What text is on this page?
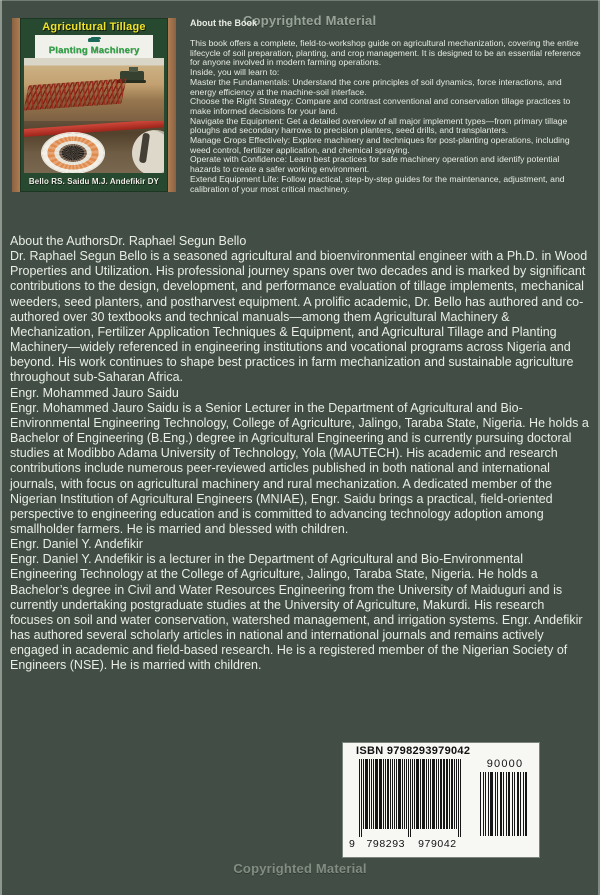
Copyrighted Material
Agricultural Tillage
Planting Machinery
Bello RS. Saidu M.J. Andefikir DY
About the Book

This book offers a complete, field-to-workshop guide on agricultural mechanization, covering the entire lifecycle of soil preparation, planting, and crop management. It is designed to be an essential reference for anyone involved in modern farming operations.

Inside, you will learn to:

Master the Fundamentals: Understand the core principles of soil dynamics, force interactions, and energy efficiency at the machine-soil interface.

Choose the Right Strategy: Compare and contrast conventional and conservation tillage practices to make informed decisions for your land.

Navigate the Equipment: Get a detailed overview of all major implement types—from primary tillage ploughs and secondary harrows to precision planters, seed drills, and transplanters.

Manage Crops Effectively: Explore machinery and techniques for post-planting operations, including weed control, fertilizer application, and chemical spraying.

Operate with Confidence: Learn best practices for safe machinery operation and identify potential hazards to create a safer working environment.

Extend Equipment Life: Follow practical, step-by-step guides for the maintenance, adjustment, and calibration of your most critical machinery.

About the AuthorsDr. Raphael Segun Bello

Dr. Raphael Segun Bello is a seasoned agricultural and bioenvironmental engineer with a Ph.D. in Wood Properties and Utilization. His professional journey spans over two decades and is marked by significant contributions to the design, development, and performance evaluation of tillage implements, mechanical weeders, seed planters, and postharvest equipment. A prolific academic, Dr. Bello has authored and co-authored over 30 textbooks and technical manuals—among them Agricultural Machinery & Mechanization, Fertilizer Application Techniques & Equipment, and Agricultural Tillage and Planting Machinery—widely referenced in engineering institutions and vocational programs across Nigeria and beyond. His work continues to shape best practices in farm mechanization and sustainable agriculture throughout sub-Saharan Africa.

Engr. Mohammed Jauro Saidu

Engr. Mohammed Jauro Saidu is a Senior Lecturer in the Department of Agricultural and Bio-Environmental Engineering Technology, College of Agriculture, Jalingo, Taraba State, Nigeria. He holds a Bachelor of Engineering (B.Eng.) degree in Agricultural Engineering and is currently pursuing doctoral studies at Modibbo Adama University of Technology, Yola (MAUTECH). His academic and research contributions include numerous peer-reviewed articles published in both national and international journals, with focus on agricultural machinery and rural mechanization. A dedicated member of the Nigerian Institution of Agricultural Engineers (MNIAE), Engr. Saidu brings a practical, field-oriented perspective to engineering education and is committed to advancing technology adoption among smallholder farmers. He is married and blessed with children.

Engr. Daniel Y. Andefikir

Engr. Daniel Y. Andefikir is a lecturer in the Department of Agricultural and Bio-Environmental Engineering Technology at the College of Agriculture, Jalingo, Taraba State, Nigeria. He holds a Bachelor’s degree in Civil and Water Resources Engineering from the University of Maiduguri and is currently undertaking postgraduate studies at the University of Agriculture, Makurdi. His research focuses on soil and water conservation, watershed management, and irrigation systems. Engr. Andefikir has authored several scholarly articles in national and international journals and remains actively engaged in academic and field-based research. He is a registered member of the Nigerian Society of Engineers (NSE). He is married with children.

ISBN 9798293979042
9 798293 979042
90000
Copyrighted Material
